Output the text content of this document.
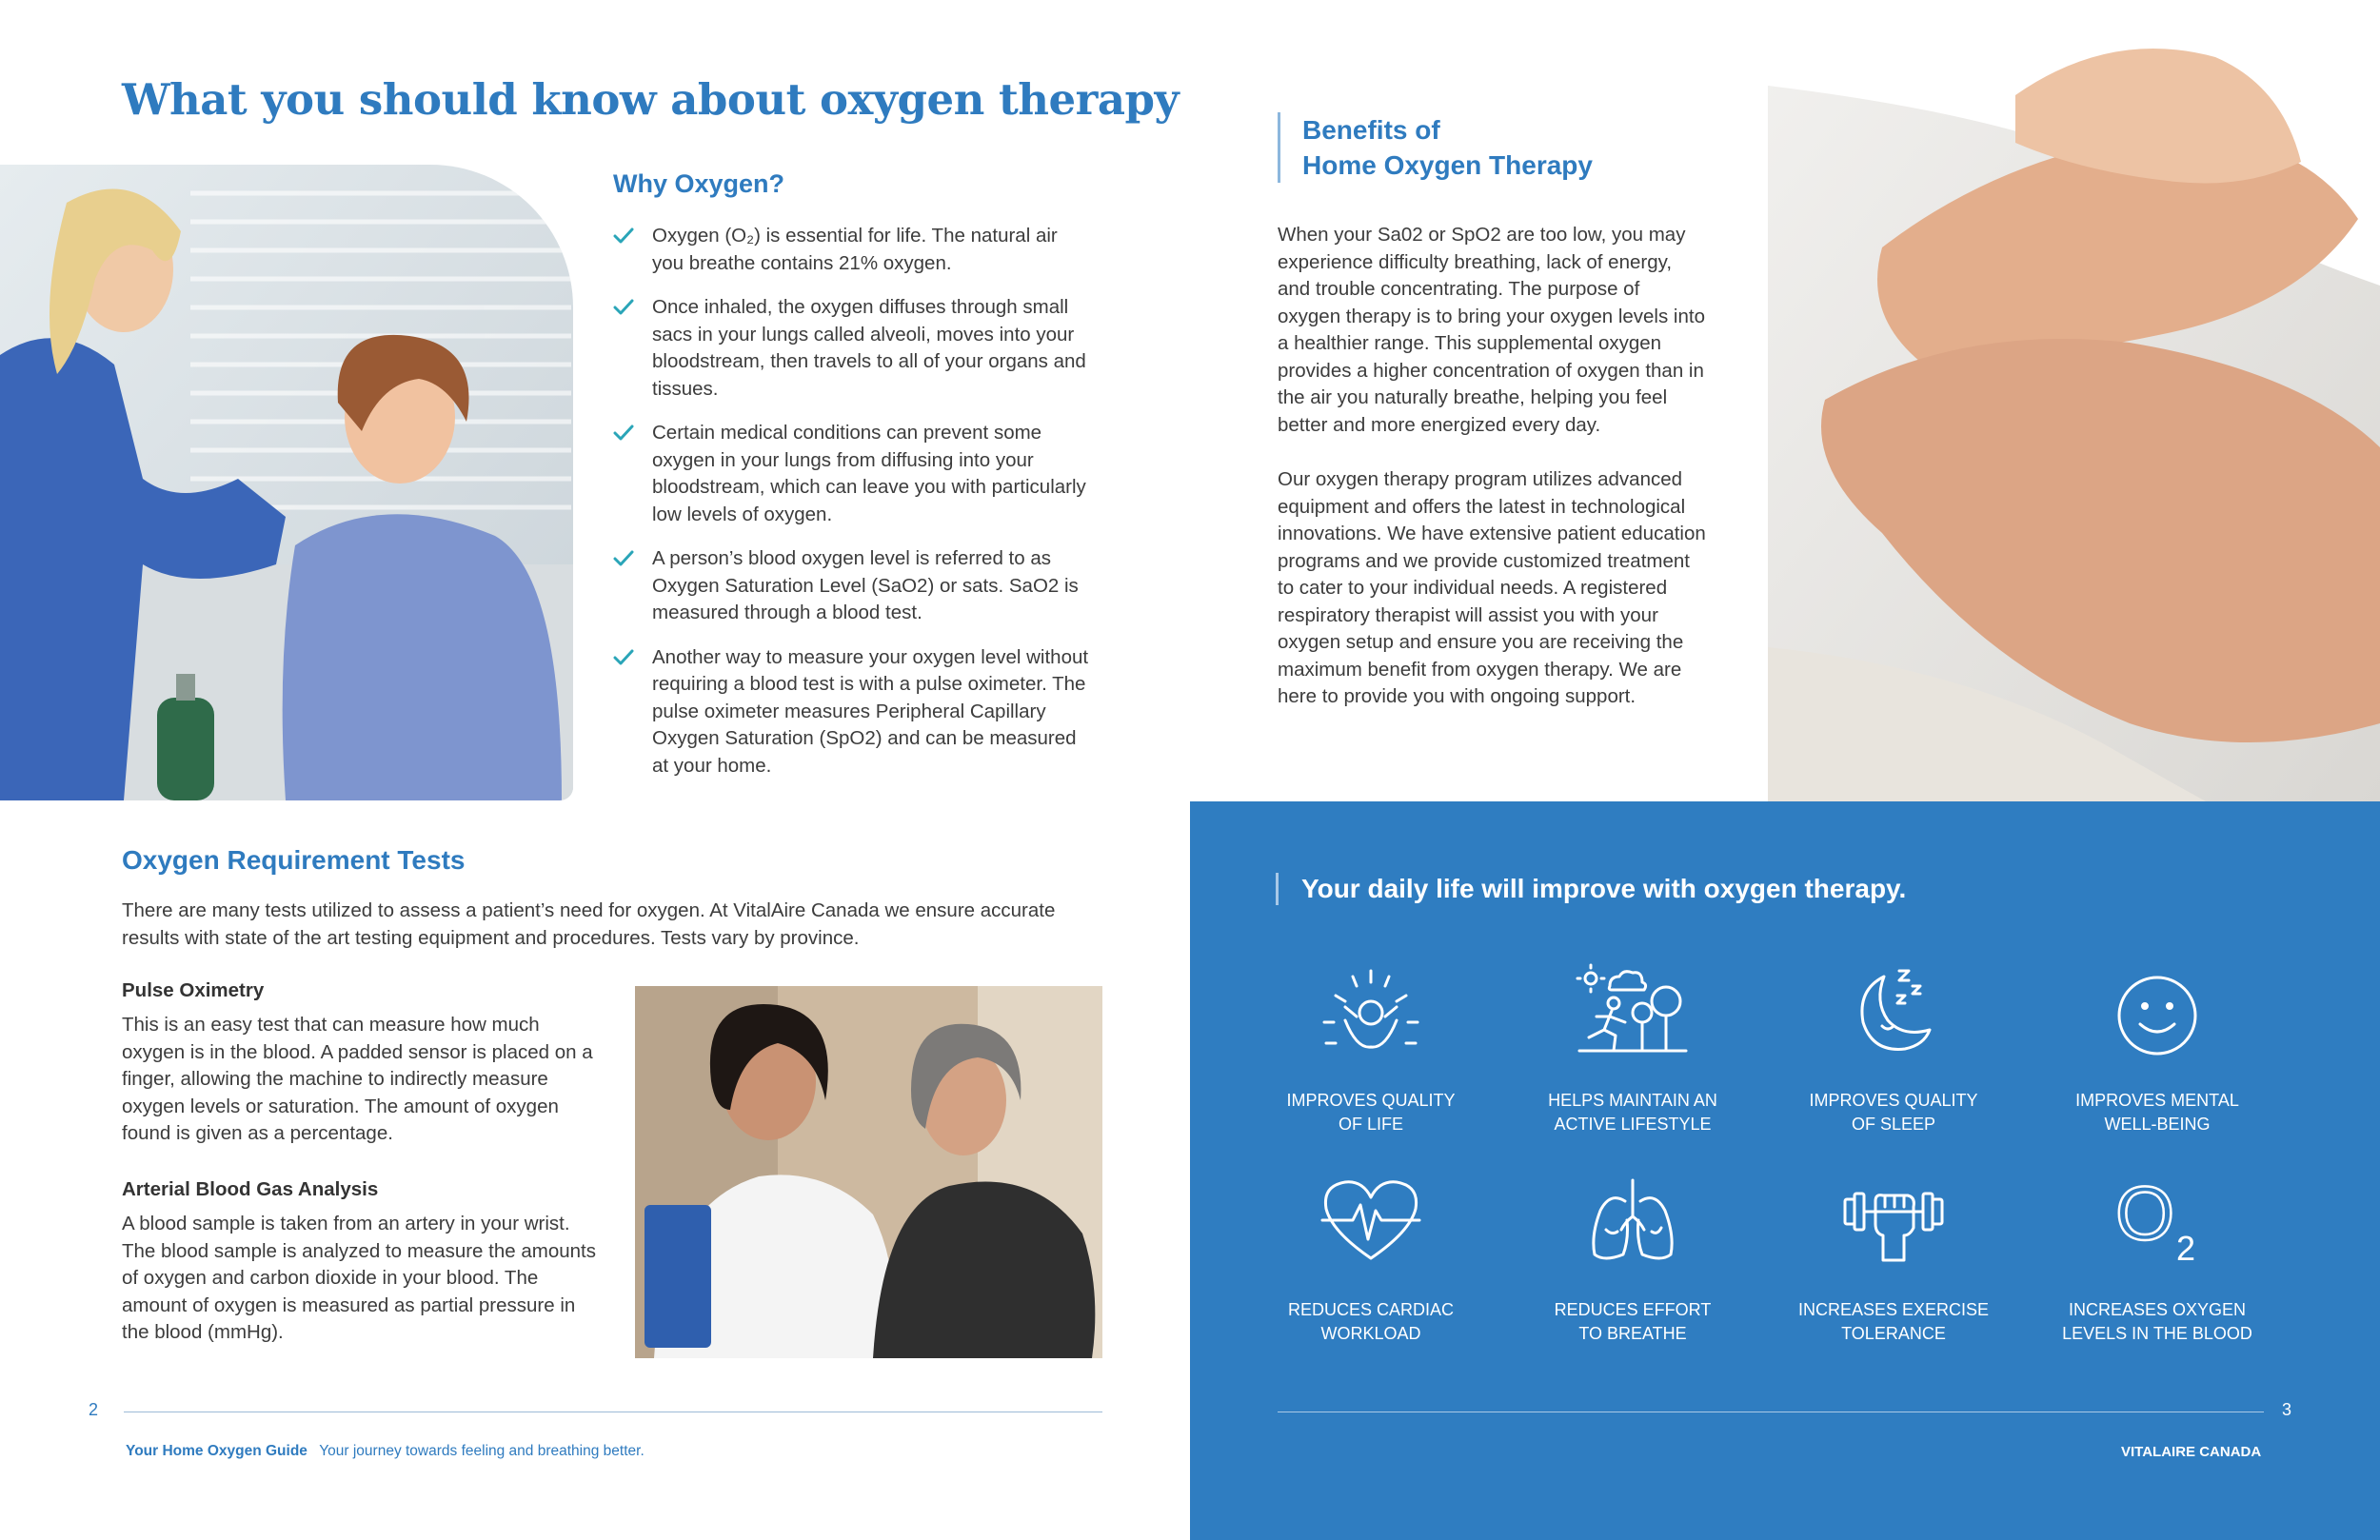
What you should know about oxygen therapy
Why Oxygen?
Oxygen (O₂) is essential for life. The natural air you breathe contains 21% oxygen.
Once inhaled, the oxygen diffuses through small sacs in your lungs called alveoli, moves into your bloodstream, then travels to all of your organs and tissues.
Certain medical conditions can prevent some oxygen in your lungs from diffusing into your bloodstream, which can leave you with particularly low levels of oxygen.
A person’s blood oxygen level is referred to as Oxygen Saturation Level (SaO2) or sats. SaO2 is measured through a blood test.
Another way to measure your oxygen level without requiring a blood test is with a pulse oximeter. The pulse oximeter measures Peripheral Capillary Oxygen Saturation (SpO2) and can be measured at your home.
Oxygen Requirement Tests

There are many tests utilized to assess a patient’s need for oxygen. At VitalAire Canada we ensure accurate results with state of the art testing equipment and procedures. Tests vary by province.

Pulse Oximetry

This is an easy test that can measure how much oxygen is in the blood. A padded sensor is placed on a finger, allowing the machine to indirectly measure oxygen levels or saturation. The amount of oxygen found is given as a percentage.

Arterial Blood Gas Analysis

A blood sample is taken from an artery in your wrist. The blood sample is analyzed to measure the amounts of oxygen and carbon dioxide in your blood. The amount of oxygen is measured as partial pressure in the blood (mmHg).

2
Your Home Oxygen Guide Your journey towards feeling and breathing better.
Benefits of
Home Oxygen Therapy

When your Sa02 or SpO2 are too low, you may experience difficulty breathing, lack of energy, and trouble concentrating. The purpose of oxygen therapy is to bring your oxygen levels into a healthier range. This supplemental oxygen provides a higher concentration of oxygen than in the air you naturally breathe, helping you feel better and more energized every day.

Our oxygen therapy program utilizes advanced equipment and offers the latest in technological innovations. We have extensive patient education programs and we provide customized treatment to cater to your individual needs. A registered respiratory therapist will assist you with your oxygen setup and ensure you are receiving the maximum benefit from oxygen therapy. We are here to provide you with ongoing support.

Your daily life will improve with oxygen therapy.
IMPROVES QUALITY
OF LIFE
HELPS MAINTAIN AN
ACTIVE LIFESTYLE
IMPROVES QUALITY
OF SLEEP
IMPROVES MENTAL
WELL-BEING
REDUCES CARDIAC
WORKLOAD
REDUCES EFFORT
TO BREATHE
INCREASES EXERCISE
TOLERANCE
O 2
INCREASES OXYGEN
LEVELS IN THE BLOOD
3
VITALAIRE CANADA
